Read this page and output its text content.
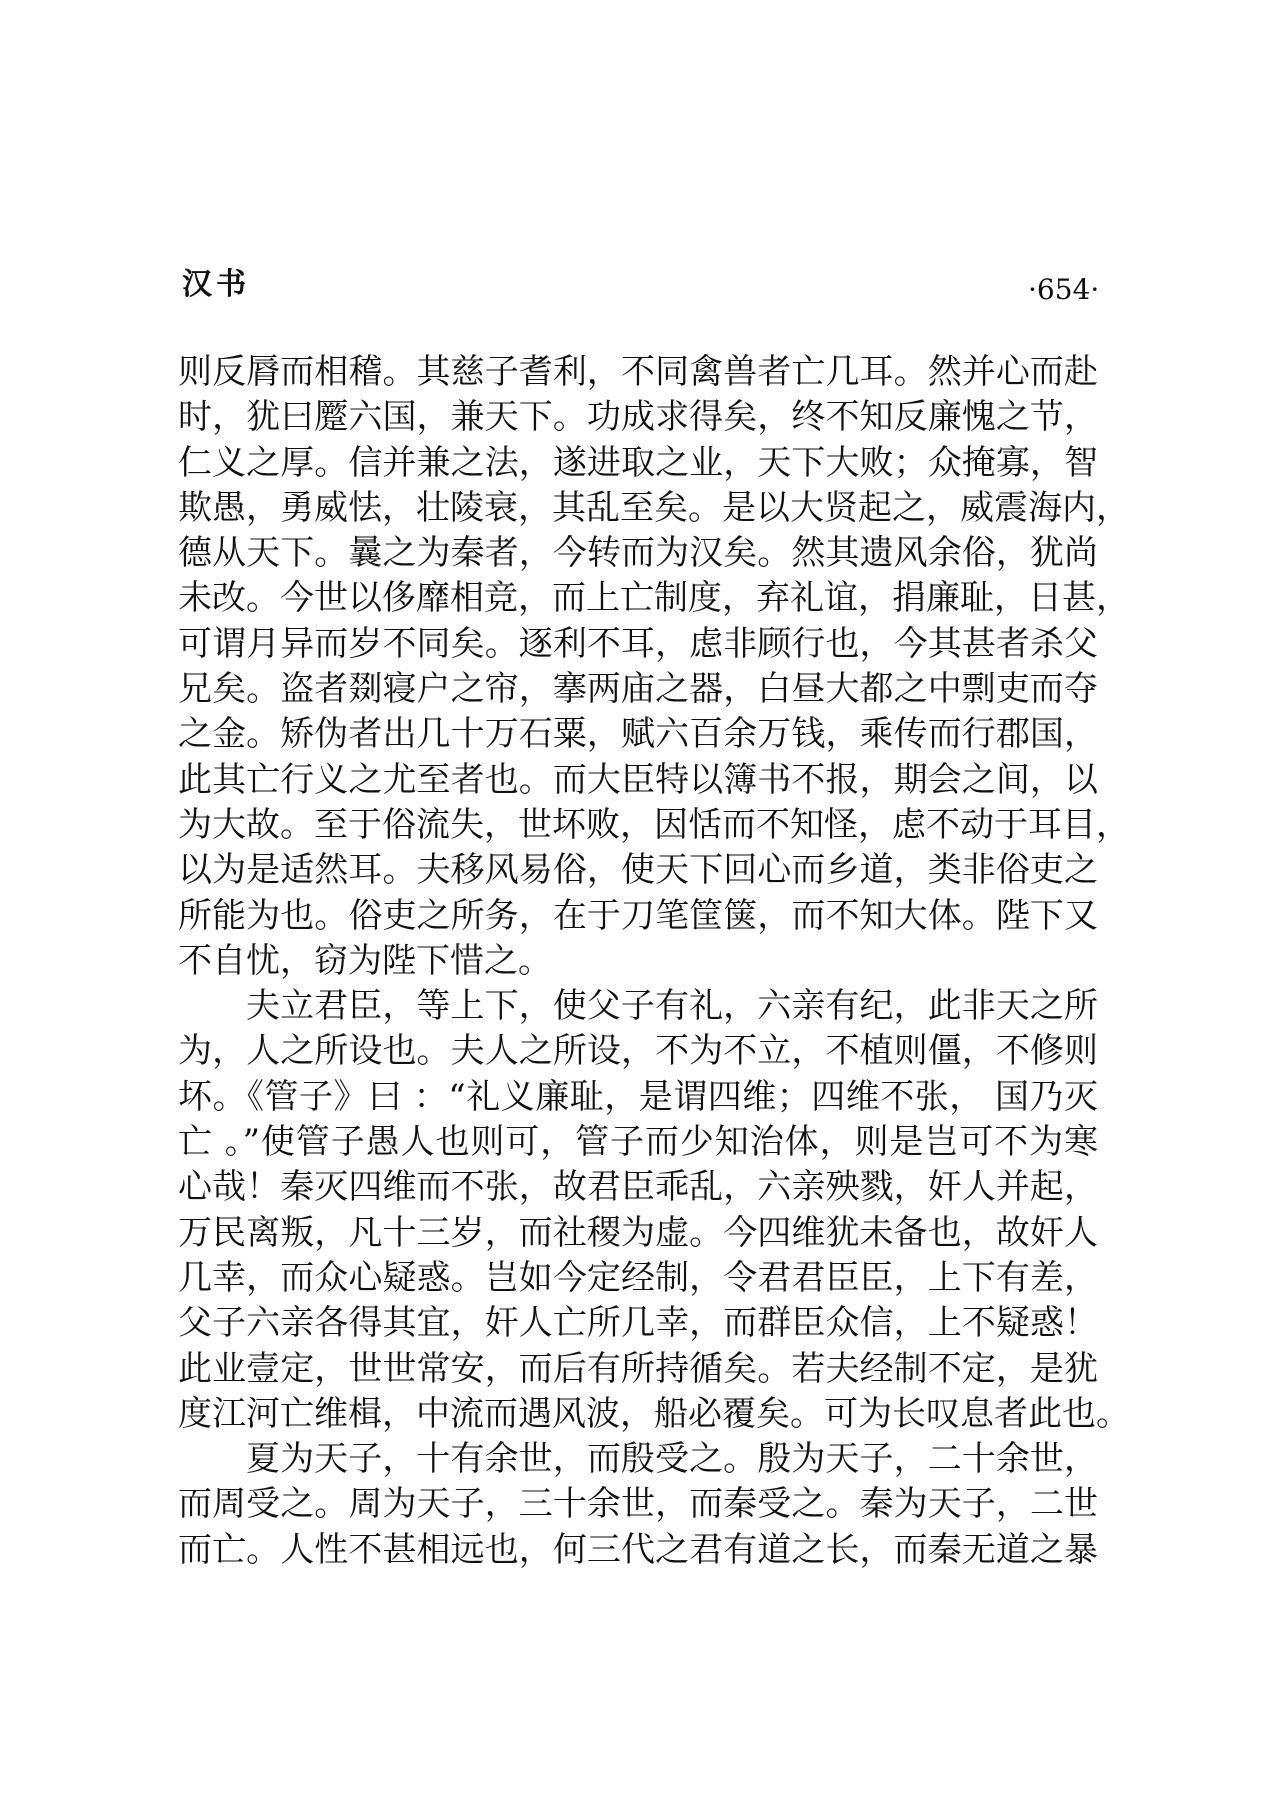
汉书	·654·
则反脣而相稽。其慈子耆利，不同禽兽者亡几耳。然并心而赴
时，犹曰蹷六国，兼天下。功成求得矣，终不知反廉愧之节，
仁义之厚。信并兼之法，遂进取之业，天下大败；众掩寡，智
欺愚，勇威怯，壮陵衰，其乱至矣。是以大贤起之，威震海内，
德从天下。曩之为秦者，今转而为汉矣。然其遗风余俗，犹尚
未改。今世以侈靡相竞，而上亡制度，弃礼谊，捐廉耻，日甚，
可谓月异而岁不同矣。逐利不耳，虑非顾行也，今其甚者杀父
兄矣。盗者剟寝户之帘，搴两庙之器，白昼大都之中剽吏而夺
之金。矫伪者出几十万石粟，赋六百余万钱，乘传而行郡国，
此其亡行义之尤至者也。而大臣特以簿书不报，期会之间，以
为大故。至于俗流失，世坏败，因恬而不知怪，虑不动于耳目，
以为是适然耳。夫移风易俗，使天下回心而乡道，类非俗吏之
所能为也。俗吏之所务，在于刀笔筐箧，而不知大体。陛下又
不自忧，窃为陛下惜之。
夫立君臣，等上下，使父子有礼，六亲有纪，此非天之所
为，人之所设也。夫人之所设，不为不立，不植则僵，不修则
坏。《管子》曰 ：“礼义廉耻，是谓四维；四维不张， 国乃灭
亡 。”使管子愚人也则可，管子而少知治体，则是岂可不为寒
心哉！秦灭四维而不张，故君臣乖乱，六亲殃戮，奸人并起，
万民离叛，凡十三岁，而社稷为虚。今四维犹未备也，故奸人
几幸，而众心疑惑。岂如今定经制，令君君臣臣，上下有差，
父子六亲各得其宜，奸人亡所几幸，而群臣众信，上不疑惑！
此业壹定，世世常安，而后有所持循矣。若夫经制不定，是犹
度江河亡维楫，中流而遇风波，船必覆矣。可为长叹息者此也。
夏为天子，十有余世，而殷受之。殷为天子，二十余世，
而周受之。周为天子，三十余世，而秦受之。秦为天子，二世
而亡。人性不甚相远也，何三代之君有道之长，而秦无道之暴
